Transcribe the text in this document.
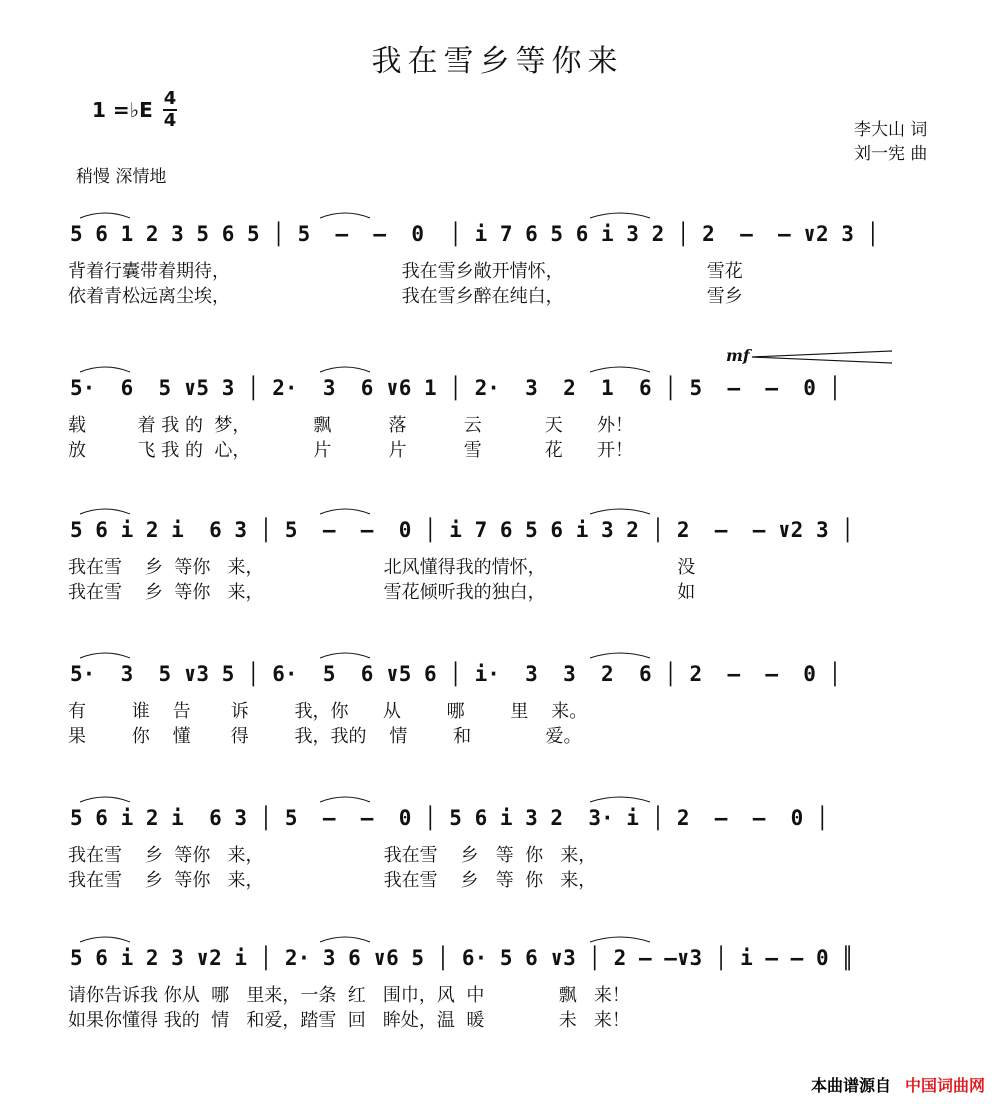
我在雪乡等你来
1 =♭E 4
4	李大山 词
刘一宪 曲
稍慢 深情地
mf
5 6 1 2 3 5 6 5 │ 5  –  –  0  │ i 7 6 5 6 i 3 2 │ 2  –  – ∨2 3 │
背着行囊带着期待，                              我在雪乡敞开情怀，                         雪花
依着青松远离尘埃，                              我在雪乡醉在纯白，                         雪乡
5·  6  5 ∨5 3 │ 2·  3  6 ∨6 1 │ 2·  3  2  1  6 │ 5  –  –  0 │
载         着 我 的  梦，           飘          落          云           天      外！
放         飞 我 的  心，           片          片          雪           花      开！
5 6 i 2 i  6 3 │ 5  –  –  0 │ i 7 6 5 6 i 3 2 │ 2  –  – ∨2 3 │
我在雪    乡  等你   来，                     北风懂得我的情怀，                       没
我在雪    乡  等你   来，                     雪花倾听我的独白，                       如
5·  3  5 ∨3 5 │ 6·  5  6 ∨5 6 │ i·  3  3  2  6 │ 2  –  –  0 │
有        谁    告       诉        我，你      从        哪        里    来。
果        你    懂       得        我，我的    情        和             爱。
5 6 i 2 i  6 3 │ 5  –  –  0 │ 5 6 i 3 2  3· i │ 2  –  –  0 │
我在雪    乡  等你   来，                     我在雪    乡   等  你   来，
我在雪    乡  等你   来，                     我在雪    乡   等  你   来，
5 6 i 2 3 ∨2 i │ 2· 3 6 ∨6 5 │ 6· 5 6 ∨3 │ 2 – –∨3 │ i – – 0 ║
请你告诉我 你从  哪   里来，一条  红   围巾，风  中             飘   来！
如果你懂得 我的  情   和爱，踏雪  回   眸处，温  暖             未   来！
本曲谱源自 中国词曲网
